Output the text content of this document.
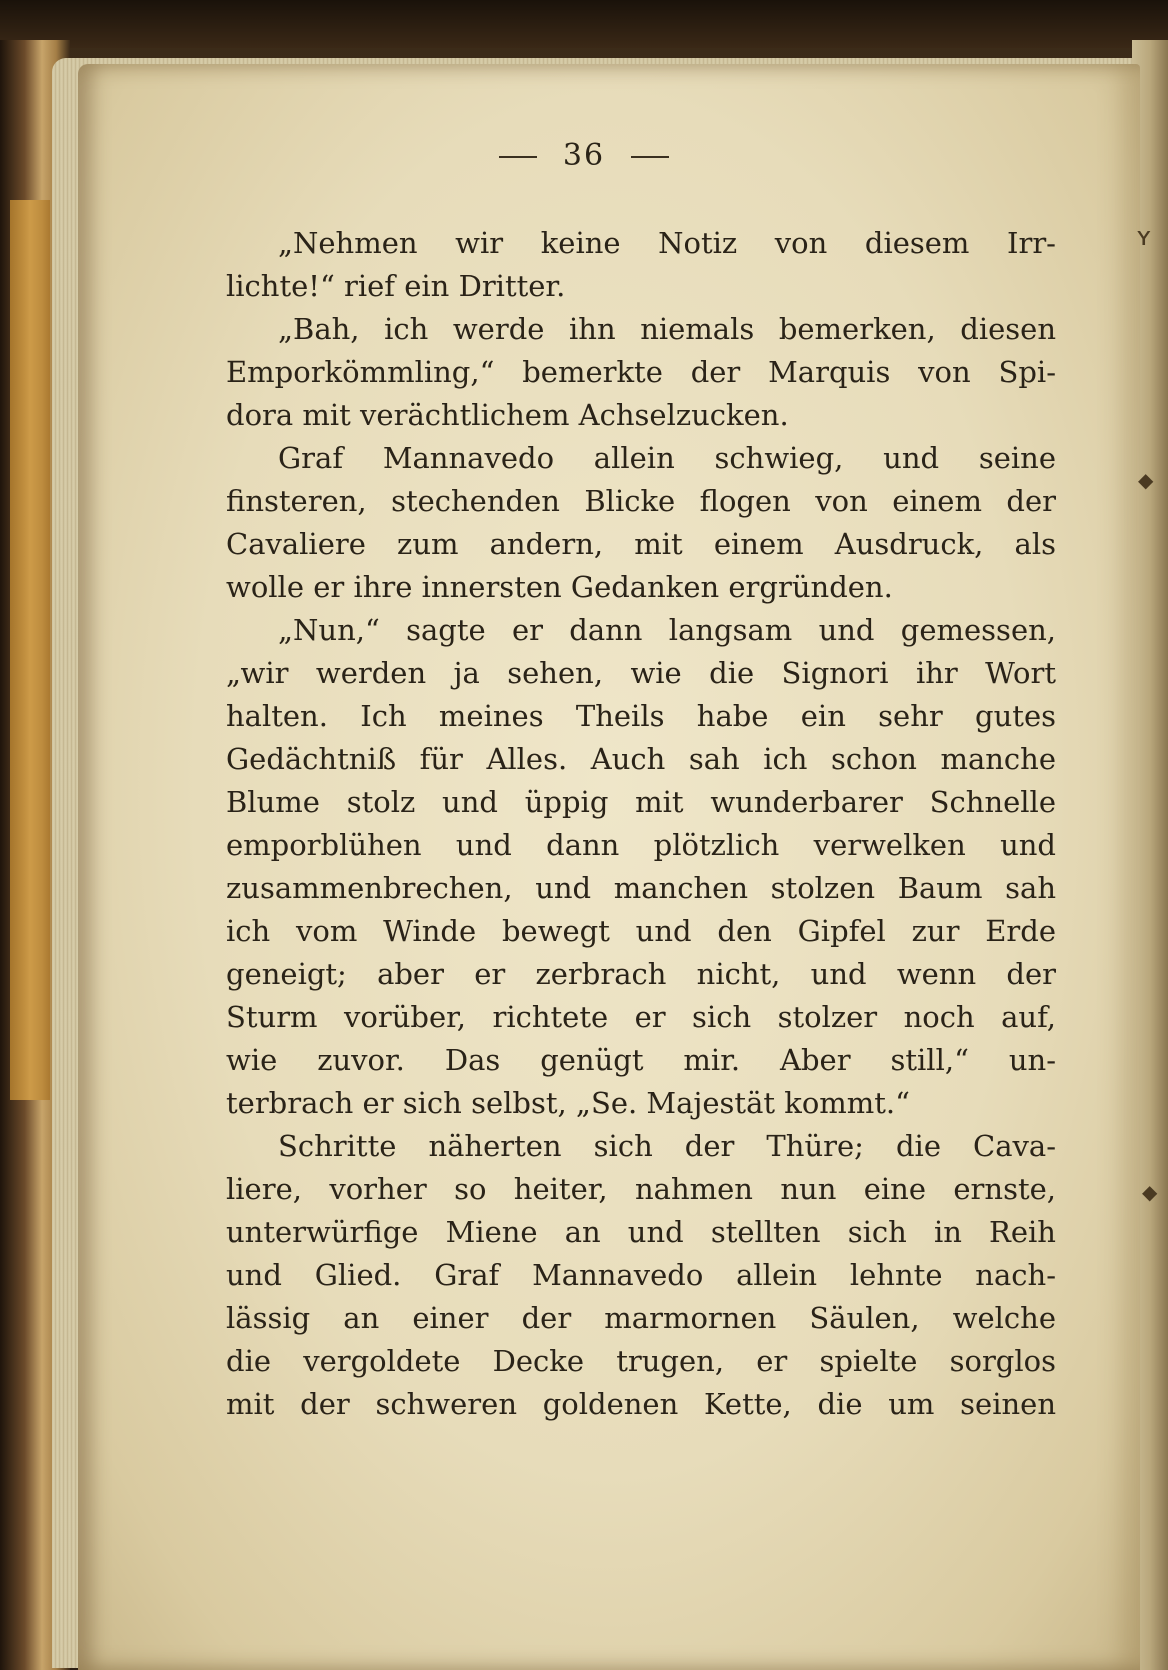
36
„Nehmen wir keine Notiz von diesem Irr-
lichte!“ rief ein Dritter.
„Bah, ich werde ihn niemals bemerken, diesen
Emporkömmling,“ bemerkte der Marquis von Spi-
dora mit verächtlichem Achselzucken.
Graf Mannavedo allein schwieg, und seine
finsteren, stechenden Blicke flogen von einem der
Cavaliere zum andern, mit einem Ausdruck, als
wolle er ihre innersten Gedanken ergründen.
„Nun,“ sagte er dann langsam und gemessen,
„wir werden ja sehen, wie die Signori ihr Wort
halten. Ich meines Theils habe ein sehr gutes
Gedächtniß für Alles. Auch sah ich schon manche
Blume stolz und üppig mit wunderbarer Schnelle
emporblühen und dann plötzlich verwelken und
zusammenbrechen, und manchen stolzen Baum sah
ich vom Winde bewegt und den Gipfel zur Erde
geneigt; aber er zerbrach nicht, und wenn der
Sturm vorüber, richtete er sich stolzer noch auf,
wie zuvor. Das genügt mir. Aber still,“ un-
terbrach er sich selbst, „Se. Majestät kommt.“
Schritte näherten sich der Thüre; die Cava-
liere, vorher so heiter, nahmen nun eine ernste,
unterwürfige Miene an und stellten sich in Reih
und Glied. Graf Mannavedo allein lehnte nach-
lässig an einer der marmornen Säulen, welche
die vergoldete Decke trugen, er spielte sorglos
mit der schweren goldenen Kette, die um seinen
ʏ
◆
◆
